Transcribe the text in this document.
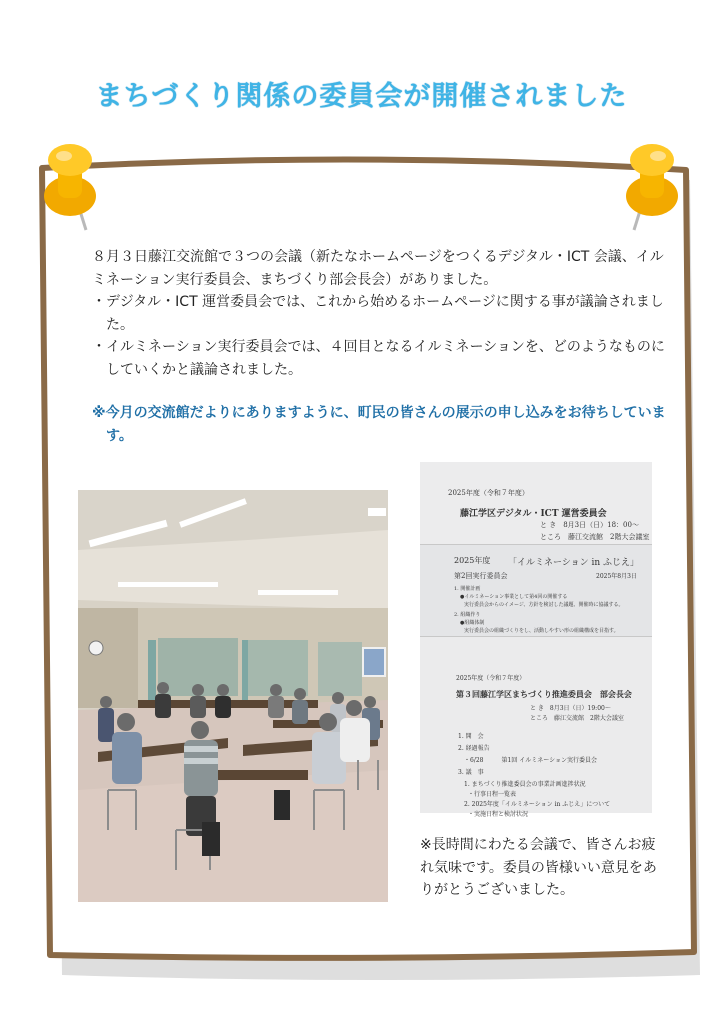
まちづくり関係の委員会が開催されました

８月３日藤江交流館で３つの会議（新たなホームページをつくるデジタル・ICT 会議、イルミネーション実行委員会、まちづくり部会長会）がありました。

・デジタル・ICT 運営委員会では、これから始めるホームページに関する事が議論されました。

・イルミネーション実行委員会では、４回目となるイルミネーションを、どのようなものにしていくかと議論されました。

※今月の交流館だよりにありますように、町民の皆さんの展示の申し込みをお待ちしています。
2025年度（令和７年度）
藤江学区デジタル・ICT 運営委員会
と き　8月3日（日）18：00～
ところ　藤江交流館　2階大会議室
2025年度 「イルミネーション in ふじえ」
第2回実行委員会	2025年8月3日
1. 開催計画
●イルミネーション事業として第4回の開催する
実行委員会からのイメージ、方針を検討した議題、開催時に協議する。
2. 組織作り
●組織体制
実行委員会の組織づくりをし、活動しやすい形の組織構成を目指す。
2025年度（令和７年度）
第３回藤江学区まちづくり推進委員会　部会長会
と き　8月3日（日）19:00～
ところ　藤江交流館　2階大会議室
1. 開　会
2. 経過報告
・6/28　　　第1回 イルミネーション実行委員会
3. 議　事
1. まちづくり推進委員会の事業計画進捗状況
・行事日程一覧表
2. 2025年度「イルミネーション in ふじえ」について
・実施日程と検討状況
※長時間にわたる会議で、皆さんお疲れ気味です。委員の皆様いい意見をありがとうございました。
